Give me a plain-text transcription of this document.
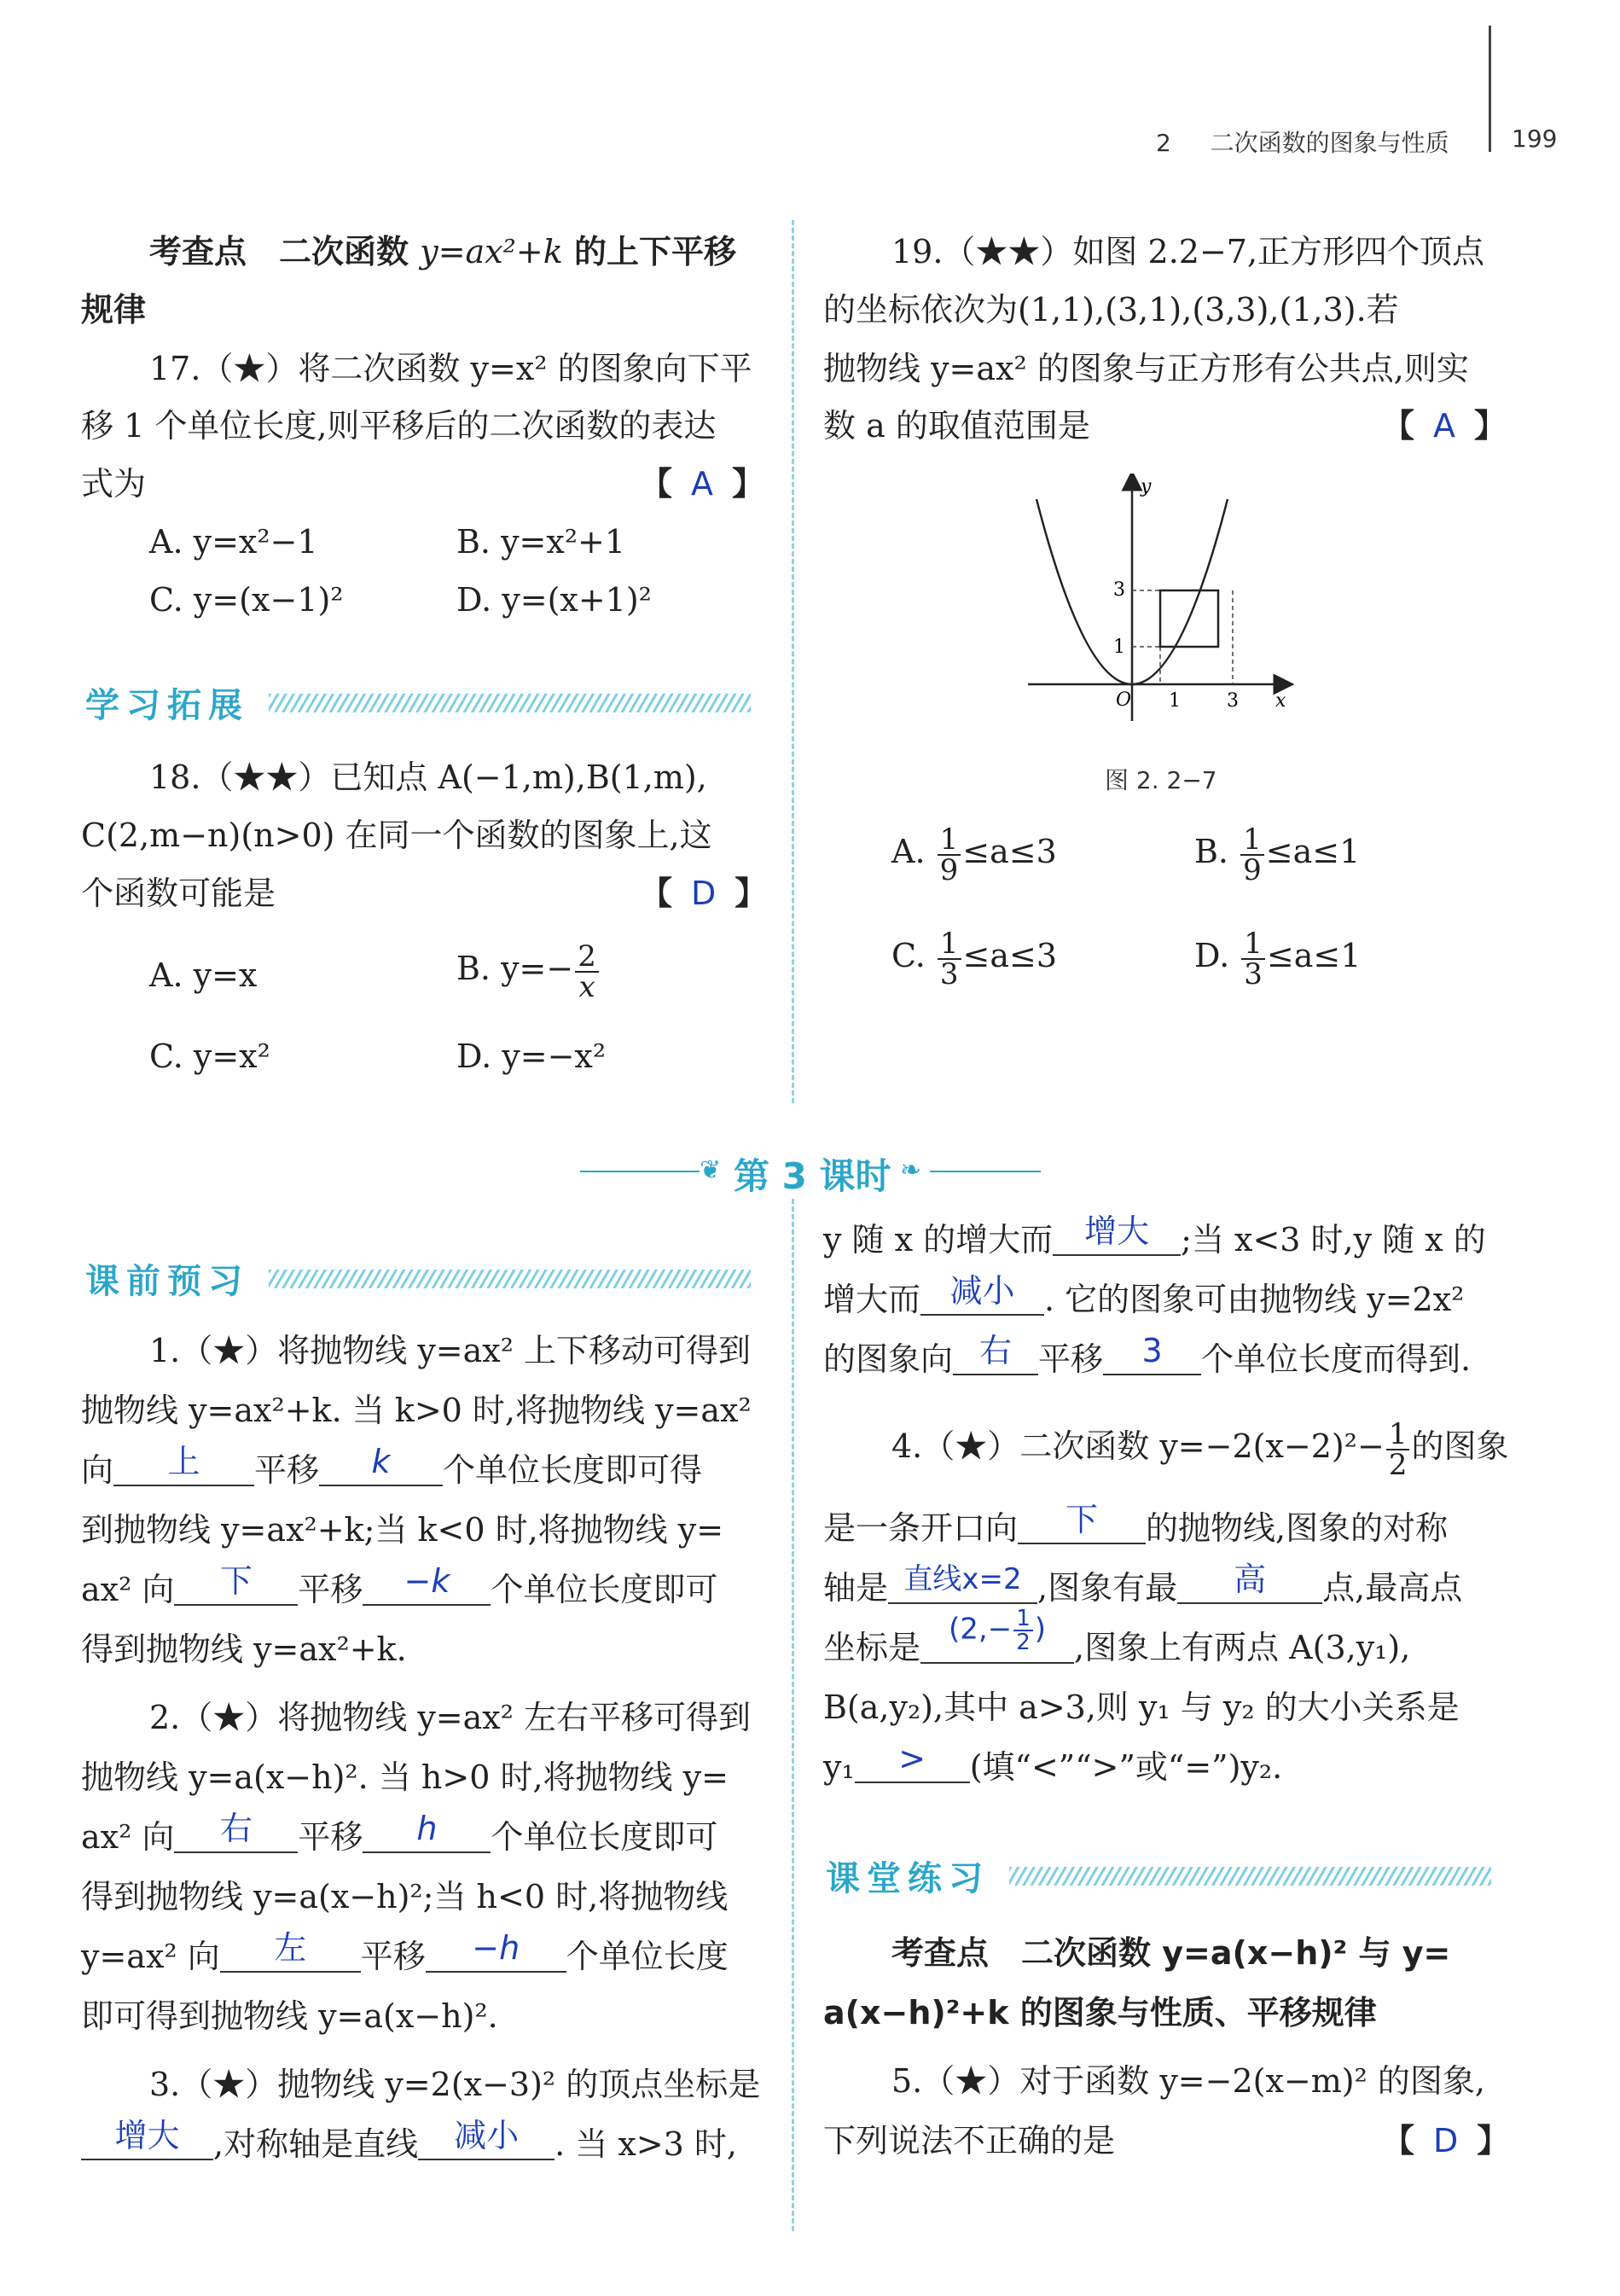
2 二次函数的图象与性质	199
考查点　二次函数 y=ax²+k 的上下平移
规律
17.（★）将二次函数 y=x² 的图象向下平
移 1 个单位长度,则平移后的二次函数的表达
式为	【 A 】
A. y=x²−1	B. y=x²+1
C. y=(x−1)²	D. y=(x+1)²
学习拓展
18.（★★）已知点 A(−1,m),B(1,m),
C(2,m−n)(n>0) 在同一个函数的图象上,这
个函数可能是	【 D 】
A. y=x	B. $y=- \frac{2}{x}$
C. y=x²	D. y=−x²
19.（★★）如图 2.2−7,正方形四个顶点
的坐标依次为(1,1),(3,1),(3,3),(1,3).若
抛物线 y=ax² 的图象与正方形有公共点,则实
数 a 的取值范围是	【 A 】
y
x
O 1 3
1
3
图 2. 2−7
A. $\frac{1}{9} \le a\le 3$	B. $\frac{1}{9} \le a\le 1$
C. $\frac{1}{3} \le a\le 3$	D. $\frac{1}{3} \le a\le 1$
❦ 第 3 课时 ❧
课前预习
1.（★）将抛物线 y=ax² 上下移动可得到
抛物线 y=ax²+k. 当 k>0 时,将抛物线 y=ax²
向	上	平移	k	个单位长度即可得
到抛物线 y=ax²+k;当 k<0 时,将抛物线 y=
ax² 向	下	平移	−k	个单位长度即可
得到抛物线 y=ax²+k.
2.（★）将抛物线 y=ax² 左右平移可得到
抛物线 y=a(x−h)². 当 h>0 时,将抛物线 y=
ax² 向	右	平移	h	个单位长度即可
得到抛物线 y=a(x−h)²;当 h<0 时,将抛物线
y=ax² 向	左	平移	−h	个单位长度
即可得到抛物线 y=a(x−h)².
3.（★）抛物线 y=2(x−3)² 的顶点坐标是
增大	,对称轴是直线	减小	. 当 x>3 时,
y 随 x 的增大而 增大 ;当 x<3 时,y 随 x 的
增大而 减小 . 它的图象可由抛物线 y=2x²
的图象向 右 平移	3	个单位长度而得到.
4.（★）二次函数 $y=-2(x-2)^2- \frac{1}{2}$ 的图象
是一条开口向	下	的抛物线,图象的对称
轴是 直线x=2 ,图象有最	高	点,最高点
坐标是 ($2,- \frac{1}{2}$ ) ,图象上有两点 A(3,y₁),
B(a,y₂),其中 a>3,则 y₁ 与 y₂ 的大小关系是
y₁	>	(填“<”“>”或“=”)y₂.
课堂练习
考查点　二次函数 y=a(x−h)² 与 y=
a(x−h)²+k 的图象与性质、平移规律
5.（★）对于函数 y=−2(x−m)² 的图象,
下列说法不正确的是	【 D 】
